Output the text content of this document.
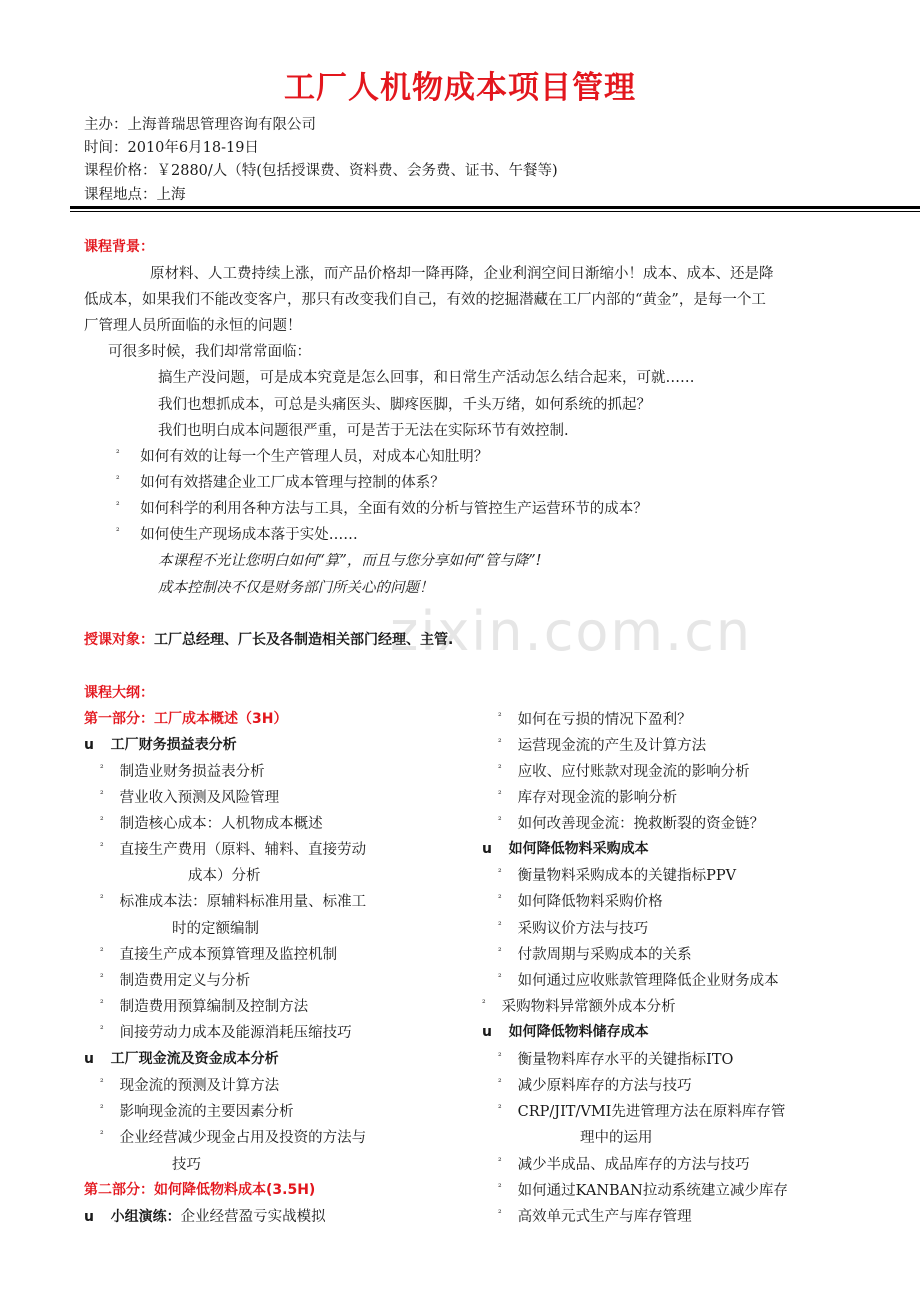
zixin.com.cn
工厂人机物成本项目管理
主办：上海普瑞思管理咨询有限公司
时间：2010年6月18-19日
课程价格：￥2880/人（特(包括授课费、资料费、会务费、证书、午餐等)
课程地点：上海
课程背景：
原材料、人工费持续上涨，而产品价格却一降再降，企业利润空间日渐缩小！成本、成本、还是降
低成本，如果我们不能改变客户，那只有改变我们自己，有效的挖掘潜藏在工厂内部的“黄金”，是每一个工
厂管理人员所面临的永恒的问题！
可很多时候，我们却常常面临：
搞生产没问题，可是成本究竟是怎么回事，和日常生产活动怎么结合起来，可就……
我们也想抓成本，可总是头痛医头、脚疼医脚，千头万绪，如何系统的抓起？
我们也明白成本问题很严重，可是苦于无法在实际环节有效控制.
$^{^2}$ 如何有效的让每一个生产管理人员，对成本心知肚明？
$^{^2}$ 如何有效搭建企业工厂成本管理与控制的体系？
$^{^2}$ 如何科学的利用各种方法与工具，全面有效的分析与管控生产运营环节的成本？
$^{^2}$ 如何使生产现场成本落于实处……
本课程不光让您明白如何“算”，而且与您分享如何“管与降”!
成本控制决不仅是财务部门所关心的问题！
授课对象：工厂总经理、厂长及各制造相关部门经理、主管.
课程大纲：
第一部分：工厂成本概述（3H）
u 工厂财务损益表分析
$^{^2}$ 制造业财务损益表分析
$^{^2}$ 营业收入预测及风险管理
$^{^2}$ 制造核心成本：人机物成本概述
$^{^2}$ 直接生产费用（原料、辅料、直接劳动
成本）分析
$^{^2}$ 标准成本法：原辅料标准用量、标准工
时的定额编制
$^{^2}$ 直接生产成本预算管理及监控机制
$^{^2}$ 制造费用定义与分析
$^{^2}$ 制造费用预算编制及控制方法
$^{^2}$ 间接劳动力成本及能源消耗压缩技巧
u 工厂现金流及资金成本分析
$^{^2}$ 现金流的预测及计算方法
$^{^2}$ 影响现金流的主要因素分析
$^{^2}$ 企业经营减少现金占用及投资的方法与
技巧
第二部分：如何降低物料成本(3.5H)
u 小组演练：企业经营盈亏实战模拟
$^{^2}$ 如何在亏损的情况下盈利？
$^{^2}$ 运营现金流的产生及计算方法
$^{^2}$ 应收、应付账款对现金流的影响分析
$^{^2}$ 库存对现金流的影响分析
$^{^2}$ 如何改善现金流：挽救断裂的资金链？
u 如何降低物料采购成本
$^{^2}$ 衡量物料采购成本的关键指标PPV
$^{^2}$ 如何降低物料采购价格
$^{^2}$ 采购议价方法与技巧
$^{^2}$ 付款周期与采购成本的关系
$^{^2}$ 如何通过应收账款管理降低企业财务成本
$^{^2}$ 采购物料异常额外成本分析
u 如何降低物料储存成本
$^{^2}$ 衡量物料库存水平的关键指标ITO
$^{^2}$ 减少原料库存的方法与技巧
$^{^2}$ CRP/JIT/VMI先进管理方法在原料库存管
理中的运用
$^{^2}$ 减少半成品、成品库存的方法与技巧
$^{^2}$ 如何通过KANBAN拉动系统建立减少库存
$^{^2}$ 高效单元式生产与库存管理
